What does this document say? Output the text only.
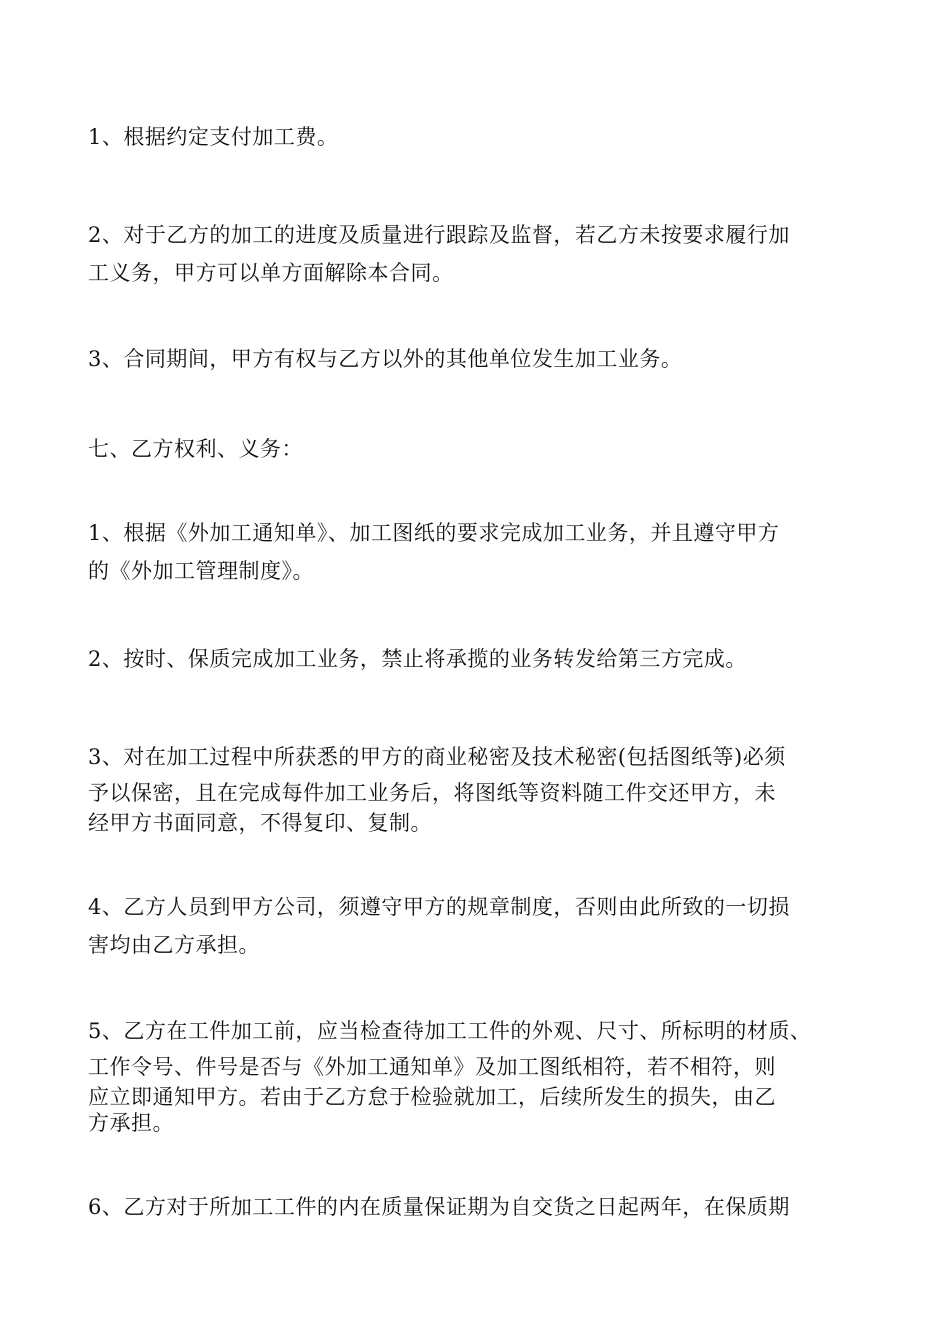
1、根据约定支付加工费。
2、对于乙方的加工的进度及质量进行跟踪及监督，若乙方未按要求履行加
工义务，甲方可以单方面解除本合同。
3、合同期间，甲方有权与乙方以外的其他单位发生加工业务。
七、乙方权利、义务：
1、根据《外加工通知单》、加工图纸的要求完成加工业务，并且遵守甲方
的《外加工管理制度》。
2、按时、保质完成加工业务，禁止将承揽的业务转发给第三方完成。
3、对在加工过程中所获悉的甲方的商业秘密及技术秘密(包括图纸等)必须
予以保密，且在完成每件加工业务后，将图纸等资料随工件交还甲方，未
经甲方书面同意，不得复印、复制。
4、乙方人员到甲方公司，须遵守甲方的规章制度，否则由此所致的一切损
害均由乙方承担。
5、乙方在工件加工前，应当检查待加工工件的外观、尺寸、所标明的材质、
工作令号、件号是否与《外加工通知单》及加工图纸相符，若不相符，则
应立即通知甲方。若由于乙方怠于检验就加工，后续所发生的损失，由乙
方承担。
6、乙方对于所加工工件的内在质量保证期为自交货之日起两年，在保质期
